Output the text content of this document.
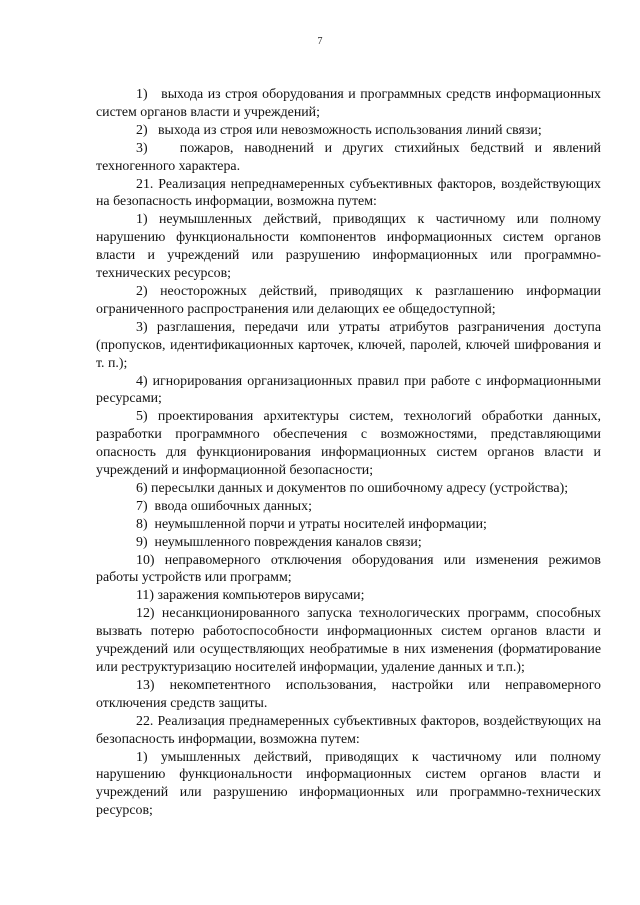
7

1)   выхода из строя оборудования и программных средств информационных систем органов власти и учреждений;

2)   выхода из строя или невозможность использования линий связи;

3)   пожаров, наводнений и других стихийных бедствий и явлений техногенного характера.

21. Реализация непреднамеренных субъективных факторов, воздействующих на безопасность информации, возможна путем:

1) неумышленных действий, приводящих к частичному или полному нарушению функциональности компонентов информационных систем органов власти и учреждений или разрушению информационных или программно-технических ресурсов;

2) неосторожных действий, приводящих к разглашению информации ограниченного распространения или делающих ее общедоступной;

3) разглашения, передачи или утраты атрибутов разграничения доступа (пропусков, идентификационных карточек, ключей, паролей, ключей шифрования и т. п.);

4) игнорирования организационных правил при работе с информационными ресурсами;

5) проектирования архитектуры систем, технологий обработки данных, разработки программного обеспечения с возможностями, представляющими опасность для функционирования информационных систем органов власти и учреждений и информационной безопасности;

6) пересылки данных и документов по ошибочному адресу (устройства);

7)  ввода ошибочных данных;

8)  неумышленной порчи и утраты носителей информации;

9)  неумышленного повреждения каналов связи;

10) неправомерного отключения оборудования или изменения режимов работы устройств или программ;

11) заражения компьютеров вирусами;

12) несанкционированного запуска технологических программ, способных вызвать потерю работоспособности информационных систем органов власти и учреждений или осуществляющих необратимые в них изменения (форматирование или реструктуризацию носителей информации, удаление данных и т.п.);

13) некомпетентного использования, настройки или неправомерного отключения средств защиты.

22. Реализация преднамеренных субъективных факторов, воздействующих на безопасность информации, возможна путем:

1) умышленных действий, приводящих к частичному или полному нарушению функциональности информационных систем органов власти и учреждений или разрушению информационных или программно-технических ресурсов;
